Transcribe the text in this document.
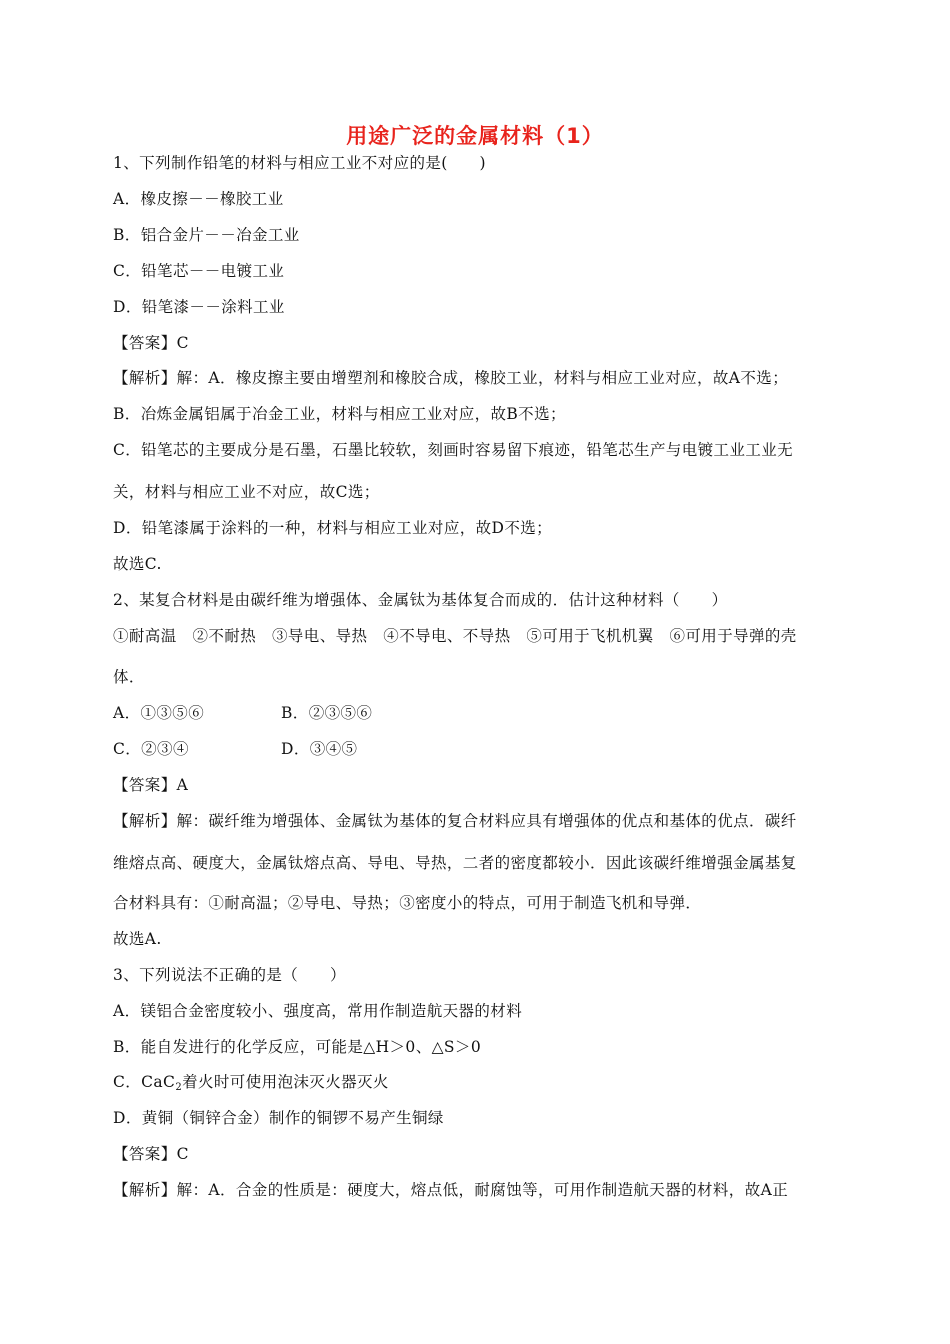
用途广泛的金属材料（1）
1、下列制作铅笔的材料与相应工业不对应的是(　　)
A．橡皮擦－－橡胶工业
B．铝合金片－－冶金工业
C．铅笔芯－－电镀工业
D．铅笔漆－－涂料工业
【答案】C
【解析】解：A．橡皮擦主要由增塑剂和橡胶合成，橡胶工业，材料与相应工业对应，故A不选；
B．冶炼金属铝属于冶金工业，材料与相应工业对应，故B不选；
C．铅笔芯的主要成分是石墨，石墨比较软，刻画时容易留下痕迹，铅笔芯生产与电镀工业工业无
关，材料与相应工业不对应，故C选；
D．铅笔漆属于涂料的一种，材料与相应工业对应，故D不选；
故选C.
2、某复合材料是由碳纤维为增强体、金属钛为基体复合而成的．估计这种材料（　　）
①耐高温　②不耐热　③导电、导热　④不导电、不导热　⑤可用于飞机机翼　⑥可用于导弹的壳
体．
A．①③⑤⑥	B．②③⑤⑥
C．②③④	D．③④⑤
【答案】A
【解析】解：碳纤维为增强体、金属钛为基体的复合材料应具有增强体的优点和基体的优点．碳纤
维熔点高、硬度大，金属钛熔点高、导电、导热，二者的密度都较小．因此该碳纤维增强金属基复
合材料具有：①耐高温；②导电、导热；③密度小的特点，可用于制造飞机和导弹．
故选A.
3、下列说法不正确的是（　　）
A．镁铝合金密度较小、强度高，常用作制造航天器的材料
B．能自发进行的化学反应，可能是△H＞0、△S＞0
C．CaC$_2$着火时可使用泡沫灭火器灭火
D．黄铜（铜锌合金）制作的铜锣不易产生铜绿
【答案】C
【解析】解：A．合金的性质是：硬度大，熔点低，耐腐蚀等，可用作制造航天器的材料，故A正
